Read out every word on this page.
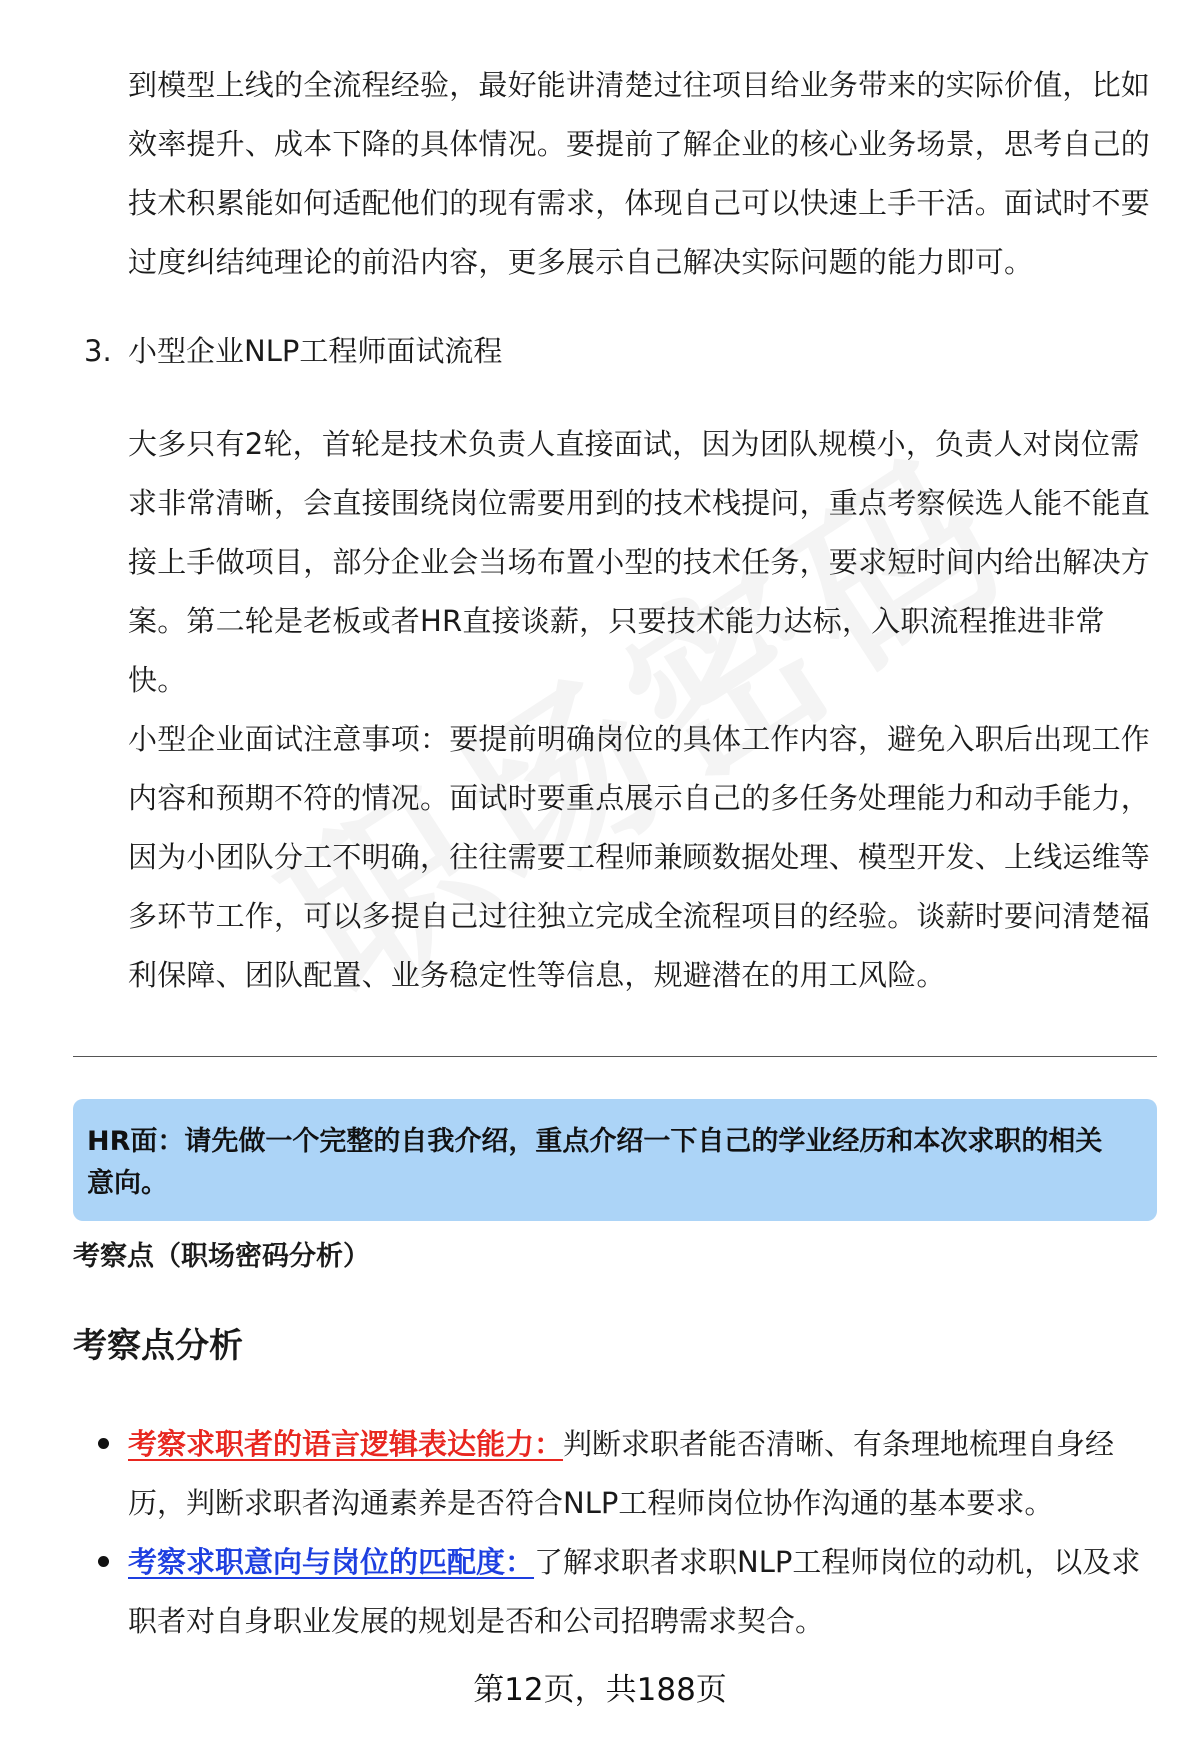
到模型上线的全流程经验，最好能讲清楚过往项目给业务带来的实际价值，比如效率提升、成本下降的具体情况。要提前了解企业的核心业务场景，思考自己的技术积累能如何适配他们的现有需求，体现自己可以快速上手干活。面试时不要过度纠结纯理论的前沿内容，更多展示自己解决实际问题的能力即可。

3. 小型企业NLP工程师面试流程

大多只有2轮，首轮是技术负责人直接面试，因为团队规模小，负责人对岗位需求非常清晰，会直接围绕岗位需要用到的技术栈提问，重点考察候选人能不能直接上手做项目，部分企业会当场布置小型的技术任务，要求短时间内给出解决方案。第二轮是老板或者HR直接谈薪，只要技术能力达标，入职流程推进非常快。

小型企业面试注意事项：要提前明确岗位的具体工作内容，避免入职后出现工作内容和预期不符的情况。面试时要重点展示自己的多任务处理能力和动手能力，因为小团队分工不明确，往往需要工程师兼顾数据处理、模型开发、上线运维等多环节工作，可以多提自己过往独立完成全流程项目的经验。谈薪时要问清楚福利保障、团队配置、业务稳定性等信息，规避潜在的用工风险。

HR面：请先做一个完整的自我介绍，重点介绍一下自己的学业经历和本次求职的相关意向。

考察点（职场密码分析）

考察点分析

考察求职者的语言逻辑表达能力：判断求职者能否清晰、有条理地梳理自身经历，判断求职者沟通素养是否符合NLP工程师岗位协作沟通的基本要求。
考察求职意向与岗位的匹配度：了解求职者求职NLP工程师岗位的动机，以及求职者对自身职业发展的规划是否和公司招聘需求契合。
第12页，共188页
